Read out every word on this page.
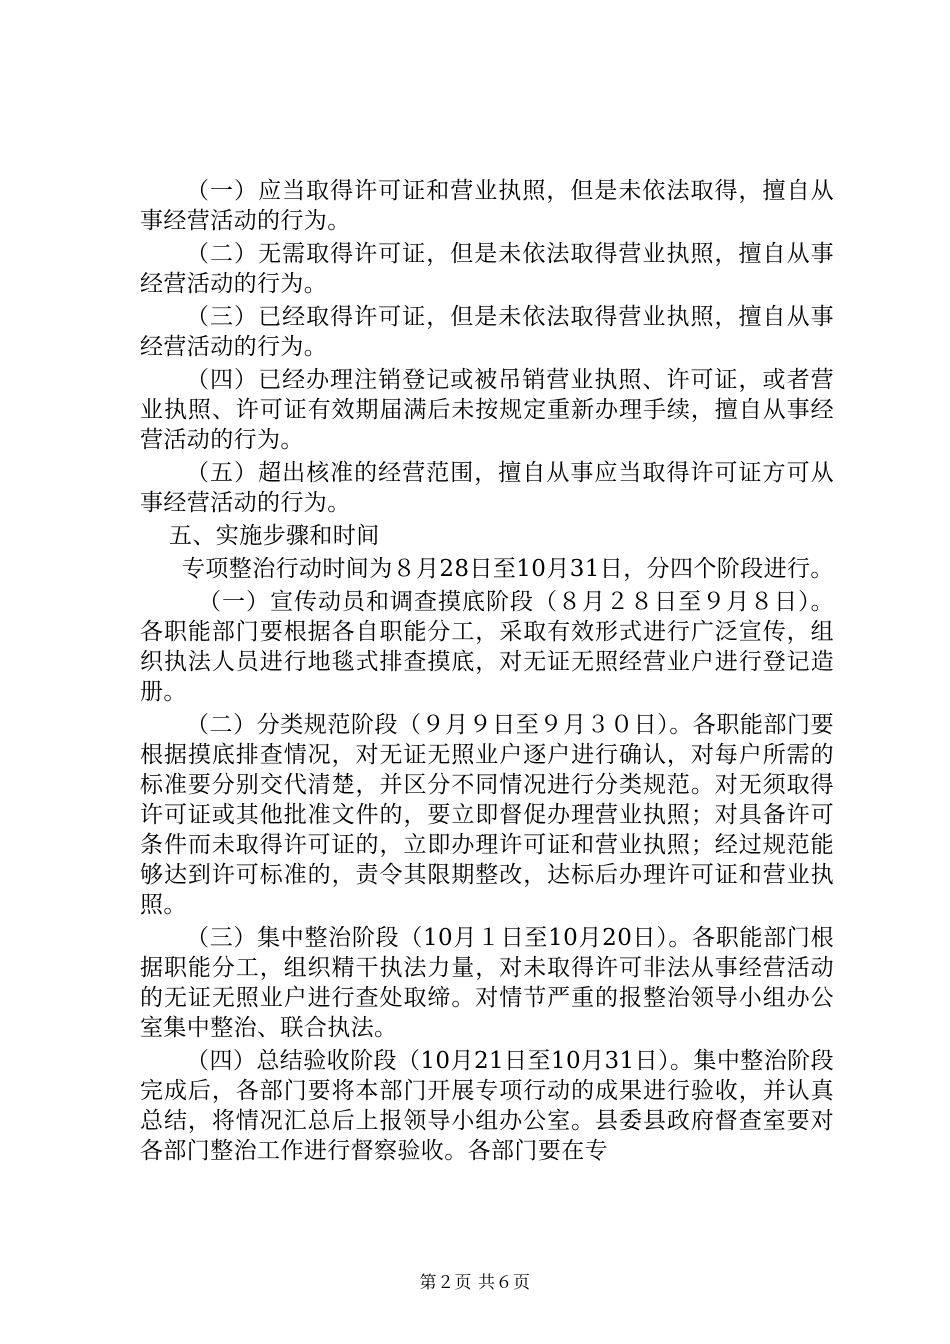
（一）应当取得许可证和营业执照，但是未依法取得，擅自从事经营活动的行为。

（二）无需取得许可证，但是未依法取得营业执照，擅自从事经营活动的行为。

（三）已经取得许可证，但是未依法取得营业执照，擅自从事经营活动的行为。

（四）已经办理注销登记或被吊销营业执照、许可证，或者营业执照、许可证有效期届满后未按规定重新办理手续，擅自从事经营活动的行为。

（五）超出核准的经营范围，擅自从事应当取得许可证方可从事经营活动的行为。

五、实施步骤和时间

专项整治行动时间为８月28日至10月31日，分四个阶段进行。

（一）宣传动员和调查摸底阶段（８月２８日至９月８日）。各职能部门要根据各自职能分工，采取有效形式进行广泛宣传，组织执法人员进行地毯式排查摸底，对无证无照经营业户进行登记造册。

（二）分类规范阶段（９月９日至９月３０日）。各职能部门要根据摸底排查情况，对无证无照业户逐户进行确认，对每户所需的标准要分别交代清楚，并区分不同情况进行分类规范。对无须取得许可证或其他批准文件的，要立即督促办理营业执照；对具备许可条件而未取得许可证的，立即办理许可证和营业执照；经过规范能够达到许可标准的，责令其限期整改，达标后办理许可证和营业执照。

（三）集中整治阶段（10月１日至10月20日）。各职能部门根据职能分工，组织精干执法力量，对未取得许可非法从事经营活动的无证无照业户进行查处取缔。对情节严重的报整治领导小组办公室集中整治、联合执法。

（四）总结验收阶段（10月21日至10月31日）。集中整治阶段完成后，各部门要将本部门开展专项行动的成果进行验收，并认真总结，将情况汇总后上报领导小组办公室。县委县政府督查室要对各部门整治工作进行督察验收。各部门要在专

第２页 共６页
